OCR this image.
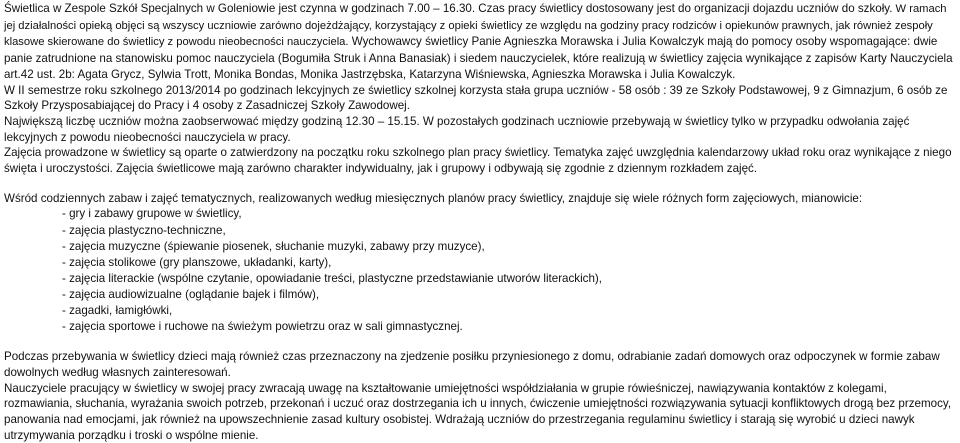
Świetlica w Zespole Szkół Specjalnych w Goleniowie jest czynna w godzinach 7.00 – 16.30. Czas pracy świetlicy dostosowany jest do organizacji dojazdu uczniów do szkoły. W ramach jej działalności opieką objęci są wszyscy uczniowie zarówno dojeżdżający, korzystający z opieki świetlicy ze względu na godziny pracy rodziców i opiekunów prawnych, jak również zespoły klasowe skierowane do świetlicy z powodu nieobecności nauczyciela. Wychowawcy świetlicy Panie Agnieszka Morawska i Julia Kowalczyk mają do pomocy osoby wspomagające: dwie panie zatrudnione na stanowisku pomoc nauczyciela (Bogumiła Struk i Anna Banasiak) i siedem nauczycielek, które realizują w świetlicy zajęcia wynikające z zapisów Karty Nauczyciela art.42 ust. 2b: Agata Grycz, Sylwia Trott, Monika Bondas, Monika Jastrzębska, Katarzyna Wiśniewska, Agnieszka Morawska i Julia Kowalczyk.

W II semestrze roku szkolnego 2013/2014 po godzinach lekcyjnych ze świetlicy szkolnej korzysta stała grupa uczniów - 58 osób : 39 ze Szkoły Podstawowej, 9 z Gimnazjum, 6 osób ze Szkoły Przysposabiającej do Pracy i 4 osoby z Zasadniczej Szkoły Zawodowej.

Największą liczbę uczniów można zaobserwować między godziną 12.30 – 15.15. W pozostałych godzinach uczniowie przebywają w świetlicy tylko w przypadku odwołania zajęć lekcyjnych z powodu nieobecności nauczyciela w pracy.

Zajęcia prowadzone w świetlicy są oparte o zatwierdzony na początku roku szkolnego plan pracy świetlicy. Tematyka zajęć uwzględnia kalendarzowy układ roku oraz wynikające z niego święta i uroczystości. Zajęcia świetlicowe mają zarówno charakter indywidualny, jak i grupowy i odbywają się zgodnie z dziennym rozkładem zajęć.

Wśród codziennych zabaw i zajęć tematycznych, realizowanych według miesięcznych planów pracy świetlicy, znajduje się wiele różnych form zajęciowych, mianowicie:

- gry i zabawy grupowe w świetlicy,
- zajęcia plastyczno-techniczne,
- zajęcia muzyczne (śpiewanie piosenek, słuchanie muzyki, zabawy przy muzyce),
- zajęcia stolikowe (gry planszowe, układanki, karty),
- zajęcia literackie (wspólne czytanie, opowiadanie treści, plastyczne przedstawianie utworów literackich),
- zajęcia audiowizualne (oglądanie bajek i filmów),
- zagadki, łamigłówki,
- zajęcia sportowe i ruchowe na świeżym powietrzu oraz w sali gimnastycznej.

Podczas przebywania w świetlicy dzieci mają również czas przeznaczony na zjedzenie posiłku przyniesionego z domu, odrabianie zadań domowych oraz odpoczynek w formie zabaw dowolnych według własnych zainteresowań.

Nauczyciele pracujący w świetlicy w swojej pracy zwracają uwagę na kształtowanie umiejętności współdziałania w grupie rówieśniczej, nawiązywania kontaktów z kolegami, rozmawiania, słuchania, wyrażania swoich potrzeb, przekonań i uczuć oraz dostrzegania ich u innych, ćwiczenie umiejętności rozwiązywania sytuacji konfliktowych drogą bez przemocy, panowania nad emocjami, jak również na upowszechnienie zasad kultury osobistej. Wdrażają uczniów do przestrzegania regulaminu świetlicy i starają się wyrobić u dzieci nawyk utrzymywania porządku i troski o wspólne mienie.
